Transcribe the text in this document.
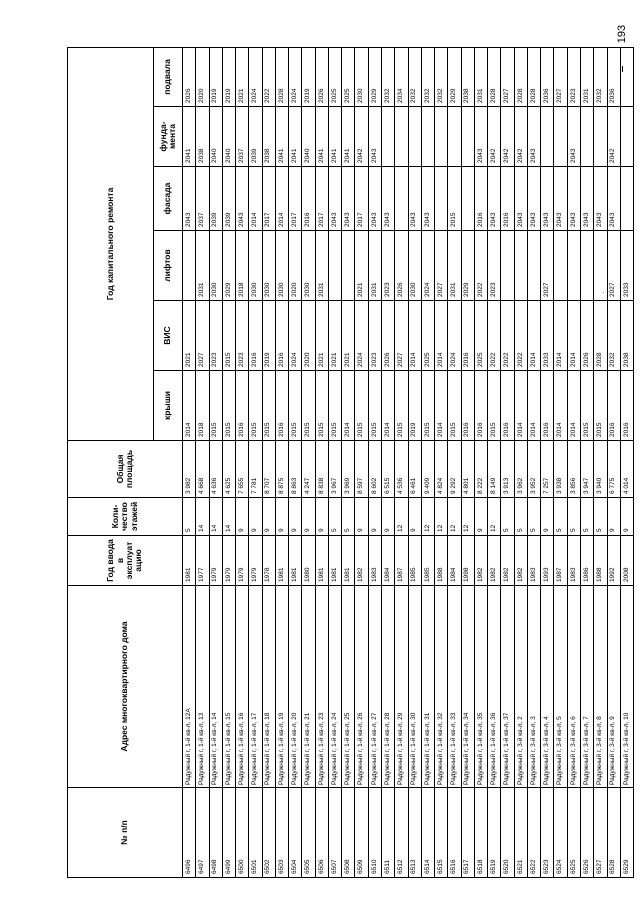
193
№ п/п	Адрес многоквартирного дома	Год ввода в эксплуат ацию	Коли-чество этажей	Общая площадь	Год капитального ремонта					
					крыши	ВИС	лифтов	фасада	фунда-мента	подвала
6496	Радужный г, 1-й кв-л, 12А	1981	5	3 982	2014	2021		2043	2041	2026
6497	Радужный г, 1-й кв-л, 13	1977	14	4 668	2018	2027	2031	2037	2038	2020
6498	Радужный г, 1-й кв-л, 14	1979	14	4 636	2015	2023	2030	2039	2040	2019
6499	Радужный г, 1-й кв-л, 15	1979	14	4 625	2015	2015	2029	2039	2040	2019
6500	Радужный г, 1-й кв-л, 16	1979	9	7 655	2016	2023	2018	2043	2037	2021
6501	Радужный г, 1-й кв-л, 17	1979	9	7 781	2015	2016	2030	2014	2039	2024
6502	Радужный г, 1-й кв-л, 18	1978	9	8 707	2015	2019	2030	2017	2038	2022
6503	Радужный г, 1-й кв-л, 19	1981	9	8 875	2016	2016	2030	2014	2041	2028
6504	Радужный г, 1-й кв-л, 20	1981	9	8 863	2015	2024	2020	2017	2041	2024
6505	Радужный г, 1-й кв-л, 21	1980	9	4 247	2015	2020	2030	2016	2040	2019
6506	Радужный г, 1-й кв-л, 23	1981	9	8 838	2015	2021	2031	2017	2041	2026
6507	Радужный г, 1-й кв-л, 24	1981	5	3 967	2015	2021		2043	2041	2025
6508	Радужный г, 1-й кв-л, 25	1981	5	3 969	2014	2021		2043	2041	2025
6509	Радужный г, 1-й кв-л, 26	1982	9	8 597	2015	2024	2021	2017	2042	2030
6510	Радужный г, 1-й кв-л, 27	1983	9	8 602	2015	2023	2031	2043	2043	2029
6511	Радужный г, 1-й кв-л, 28	1984	9	6 515	2014	2026	2023	2043		2032
6512	Радужный г, 1-й кв-л, 29	1987	12	4 536	2015	2027	2026			2034
6513	Радужный г, 1-й кв-л, 30	1985	9	6 461	2019	2014	2030	2043		2032
6514	Радужный г, 1-й кв-л, 31	1985	12	9 409	2015	2025	2024	2043		2032
6515	Радужный г, 1-й кв-л, 32	1988	12	4 824	2014	2014	2027			2032
6516	Радужный г, 1-й кв-л, 33	1984	12	9 292	2015	2024	2031	2015		2029
6517	Радужный г, 1-й кв-л, 34	1998	12	4 801	2016	2016	2029			2038
6518	Радужный г, 1-й кв-л, 35	1982	9	8 222	2016	2025	2022	2016	2043	2031
6519	Радужный г, 1-й кв-л, 36	1982	12	8 149	2015	2022	2023	2043	2042	2028
6520	Радужный г, 1-й кв-л, 37	1982	5	3 913	2016	2022		2016	2042	2027
6521	Радужный г, 3-й кв-л, 2	1982	5	3 962	2014	2022		2043	2042	2028
6522	Радужный г, 3-й кв-л, 3	1983	5	3 952	2014	2014		2043	2043	2028
6523	Радужный г, 3-й кв-л, 4	1993	9	7 257	2016	2033	2027	2043		2036
6524	Радужный г, 3-й кв-л, 5	1987	5	3 938	2014	2014		2043		2027
6525	Радужный г, 3-й кв-л, 6	1983	5	3 856	2014	2014		2043	2043	2023
6526	Радужный г, 3-й кв-л, 7	1986	5	3 947	2015	2026		2043		2031
6527	Радужный г, 3-й кв-л, 8	1988	5	3 940	2015	2028		2043		2032
6528	Радужный г, 3-й кв-л, 9	1992	9	6 775	2016	2032	2027	2043	2042	2036
6529	Радужный г, 3-й кв-л, 10	2008	9	4 014	2016	2038	2033			
